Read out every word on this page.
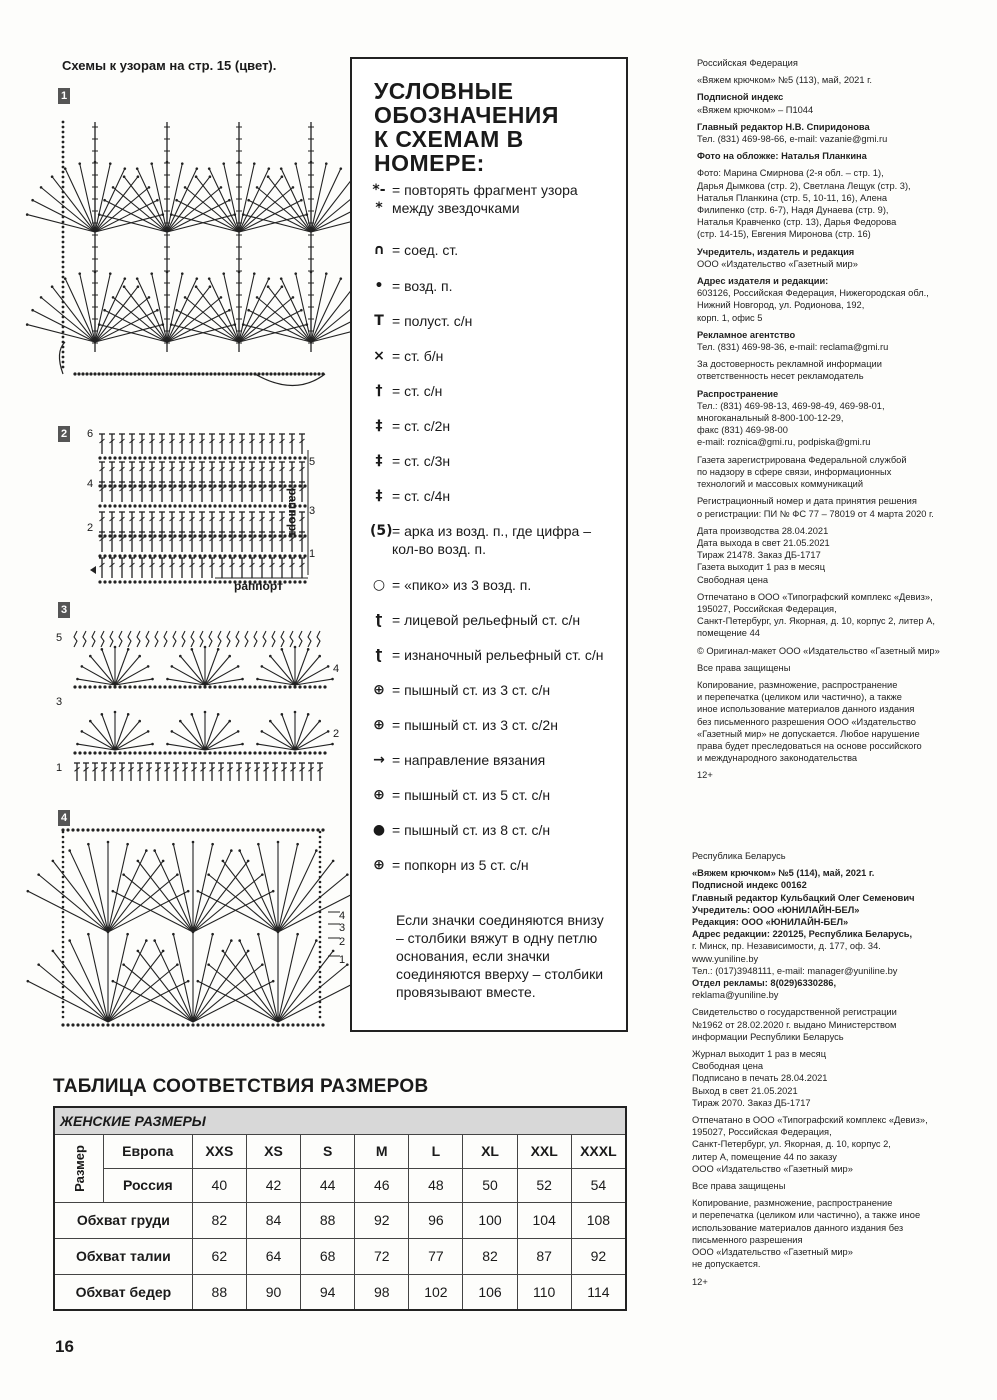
Схемы к узорам на стр. 15 (цвет).
1
2 6
4
2
5
3
1
раппорт
раппорт
3
5
3
1
4
2
4
4
3
2
1
УСЛОВНЫЕ
ОБОЗНАЧЕНИЯ
К СХЕМАМ В НОМЕРЕ:
*-*
= повторять фрагмент узора между звездочками
∩ = соед. ст.
• = возд. п.
T = полуст. с/н
× = ст. б/н
† = ст. с/н
‡ = ст. с/2н
‡ = ст. с/3н
‡ = ст. с/4н
(5) = арка из возд. п., где цифра – кол-во возд. п.
○ = «пико» из 3 возд. п.
ʈ = лицевой рельефный ст. с/н
ʈ = изнаночный рельефный ст. с/н
⊕ = пышный ст. из 3 ст. с/н
⊕ = пышный ст. из 3 ст. с/2н
→ = направление вязания
⊕ = пышный ст. из 5 ст. с/н
● = пышный ст. из 8 ст. с/н
⊕ = попкорн из 5 ст. с/н
Если значки соединяются внизу – столбики вяжут в одну петлю основания, если значки соединяются вверху – столбики провязывают вместе.
ТАБЛИЦА СООТВЕТСТВИЯ РАЗМЕРОВ
ЖЕНСКИЕ РАЗМЕРЫ									
Размер	Европа	XXS	XS	S	M	L	XL	XXL	XXXL
	Россия	40	42	44	46	48	50	52	54
Обхват груди		82	84	88	92	96	100	104	108
Обхват талии		62	64	68	72	77	82	87	92
Обхват бедер		88	90	94	98	102	106	110	114
16
Российская Федерация
«Вяжем крючком» №5 (113), май, 2021 г.
Подписной индекс
«Вяжем крючком» – П1044
Главный редактор Н.В. Спиридонова
Тел. (831) 469-98-66, e-mail: vazanie@gmi.ru
Фото на обложке: Наталья Планкина
Фото: Марина Смирнова (2-я обл. – стр. 1),
Дарья Дымкова (стр. 2), Светлана Лещук (стр. 3),
Наталья Планкина (стр. 5, 10-11, 16), Алена
Филипенко (стр. 6-7), Надя Дунаева (стр. 9),
Наталья Кравченко (стр. 13), Дарья Федорова
(стр. 14-15), Евгения Миронова (стр. 16)
Учредитель, издатель и редакция
ООО «Издательство «Газетный мир»
Адрес издателя и редакции:
603126, Российская Федерация, Нижегородская обл.,
Нижний Новгород, ул. Родионова, 192,
корп. 1, офис 5
Рекламное агентство
Тел. (831) 469-98-36, e-mail: reclama@gmi.ru
За достоверность рекламной информации
ответственность несет рекламодатель
Распространение
Тел.: (831) 469-98-13, 469-98-49, 469-98-01,
многоканальный 8-800-100-12-29,
факс (831) 469-98-00
e-mail: roznica@gmi.ru, podpiska@gmi.ru
Газета зарегистрирована Федеральной службой
по надзору в сфере связи, информационных
технологий и массовых коммуникаций
Регистрационный номер и дата принятия решения
о регистрации: ПИ № ФС 77 – 78019 от 4 марта 2020 г.
Дата производства 28.04.2021
Дата выхода в свет 21.05.2021
Тираж 21478. Заказ ДБ-1717
Газета выходит 1 раз в месяц
Свободная цена
Отпечатано в ООО «Типографский комплекс «Девиз»,
195027, Российская Федерация,
Санкт-Петербург, ул. Якорная, д. 10, корпус 2, литер А,
помещение 44
© Оригинал-макет ООО «Издательство «Газетный мир»
Все права защищены
Копирование, размножение, распространение
и перепечатка (целиком или частично), а также
иное использование материалов данного издания
без письменного разрешения ООО «Издательство
«Газетный мир» не допускается. Любое нарушение
права будет преследоваться на основе российского
и международного законодательства
12+
Республика Беларусь
«Вяжем крючком» №5 (114), май, 2021 г.
Подписной индекс 00162
Главный редактор Кульбацкий Олег Семенович
Учредитель: ООО «ЮНИЛАЙН-БЕЛ»
Редакция: ООО «ЮНИЛАЙН-БЕЛ»
Адрес редакции: 220125, Республика Беларусь,
г. Минск, пр. Независимости, д. 177, оф. 34.
www.yuniline.by
Тел.: (017)3948111, e-mail: manager@yuniline.by
Отдел рекламы: 8(029)6330286,
reklama@yuniline.by
Свидетельство о государственной регистрации
№1962 от 28.02.2020 г. выдано Министерством
информации Республики Беларусь
Журнал выходит 1 раз в месяц
Свободная цена
Подписано в печать 28.04.2021
Выход в свет 21.05.2021
Тираж 2070. Заказ ДБ-1717
Отпечатано в ООО «Типографский комплекс «Девиз»,
195027, Российская Федерация,
Санкт-Петербург, ул. Якорная, д. 10, корпус 2,
литер А, помещение 44 по заказу
ООО «Издательство «Газетный мир»
Все права защищены
Копирование, размножение, распространение
и перепечатка (целиком или частично), а также иное
использование материалов данного издания без
письменного разрешения
ООО «Издательство «Газетный мир»
не допускается.
12+
